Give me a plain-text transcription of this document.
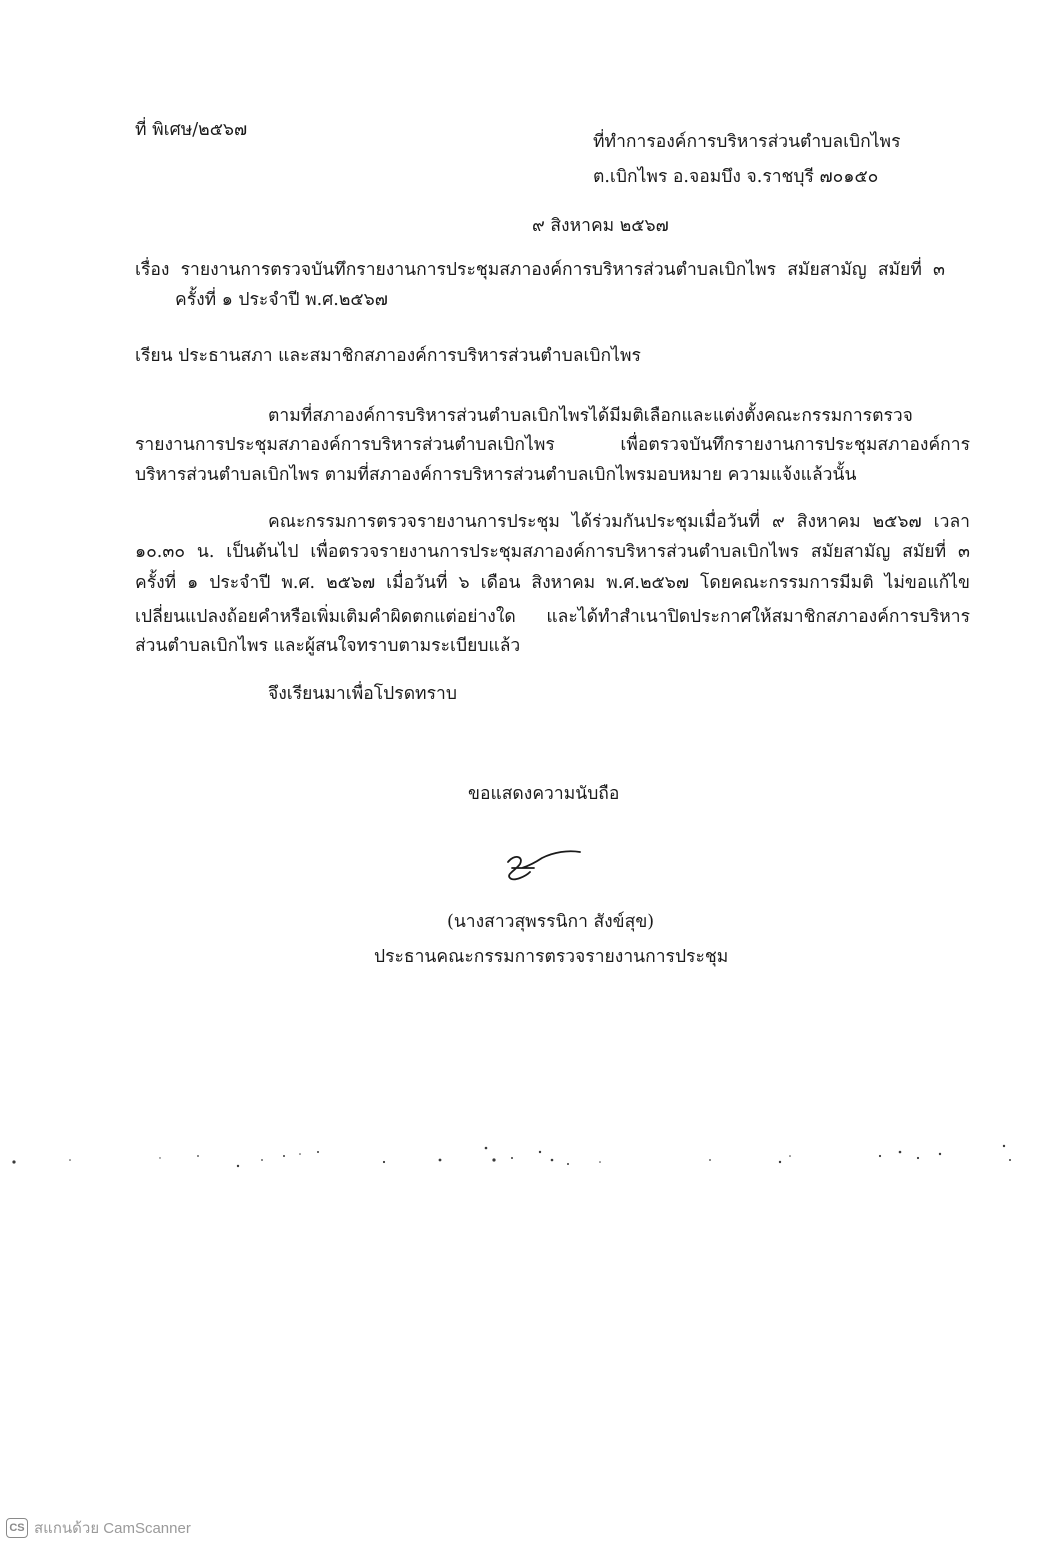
ที่ พิเศษ/๒๕๖๗
ที่ทำการองค์การบริหารส่วนตำบลเบิกไพร
ต.เบิกไพร อ.จอมบึง จ.ราชบุรี ๗๐๑๕๐
๙ สิงหาคม ๒๕๖๗
เรื่อง รายงานการตรวจบันทึกรายงานการประชุมสภาองค์การบริหารส่วนตำบลเบิกไพร สมัยสามัญ สมัยที่ ๓
ครั้งที่ ๑ ประจำปี พ.ศ.๒๕๖๗
เรียน ประธานสภา และสมาชิกสภาองค์การบริหารส่วนตำบลเบิกไพร
ตามที่สภาองค์การบริหารส่วนตำบลเบิกไพรได้มีมติเลือกและแต่งตั้งคณะกรรมการตรวจ
รายงานการประชุมสภาองค์การบริหารส่วนตำบลเบิกไพร เพื่อตรวจบันทึกรายงานการประชุมสภาองค์การ
บริหารส่วนตำบลเบิกไพร ตามที่สภาองค์การบริหารส่วนตำบลเบิกไพรมอบหมาย ความแจ้งแล้วนั้น
คณะกรรมการตรวจรายงานการประชุม ได้ร่วมกันประชุมเมื่อวันที่ ๙ สิงหาคม ๒๕๖๗ เวลา
๑๐.๓๐ น. เป็นต้นไป เพื่อตรวจรายงานการประชุมสภาองค์การบริหารส่วนตำบลเบิกไพร สมัยสามัญ สมัยที่ ๓
ครั้งที่ ๑ ประจำปี พ.ศ. ๒๕๖๗ เมื่อวันที่ ๖ เดือน สิงหาคม พ.ศ.๒๕๖๗ โดยคณะกรรมการมีมติ ไม่ขอแก้ไข
เปลี่ยนแปลงถ้อยคำหรือเพิ่มเติมคำผิดตกแต่อย่างใด และได้ทำสำเนาปิดประกาศให้สมาชิกสภาองค์การบริหาร
ส่วนตำบลเบิกไพร และผู้สนใจทราบตามระเบียบแล้ว
จึงเรียนมาเพื่อโปรดทราบ
ขอแสดงความนับถือ
(นางสาวสุพรรนิกา สังข์สุข)
ประธานคณะกรรมการตรวจรายงานการประชุม
CS สแกนด้วย CamScanner
